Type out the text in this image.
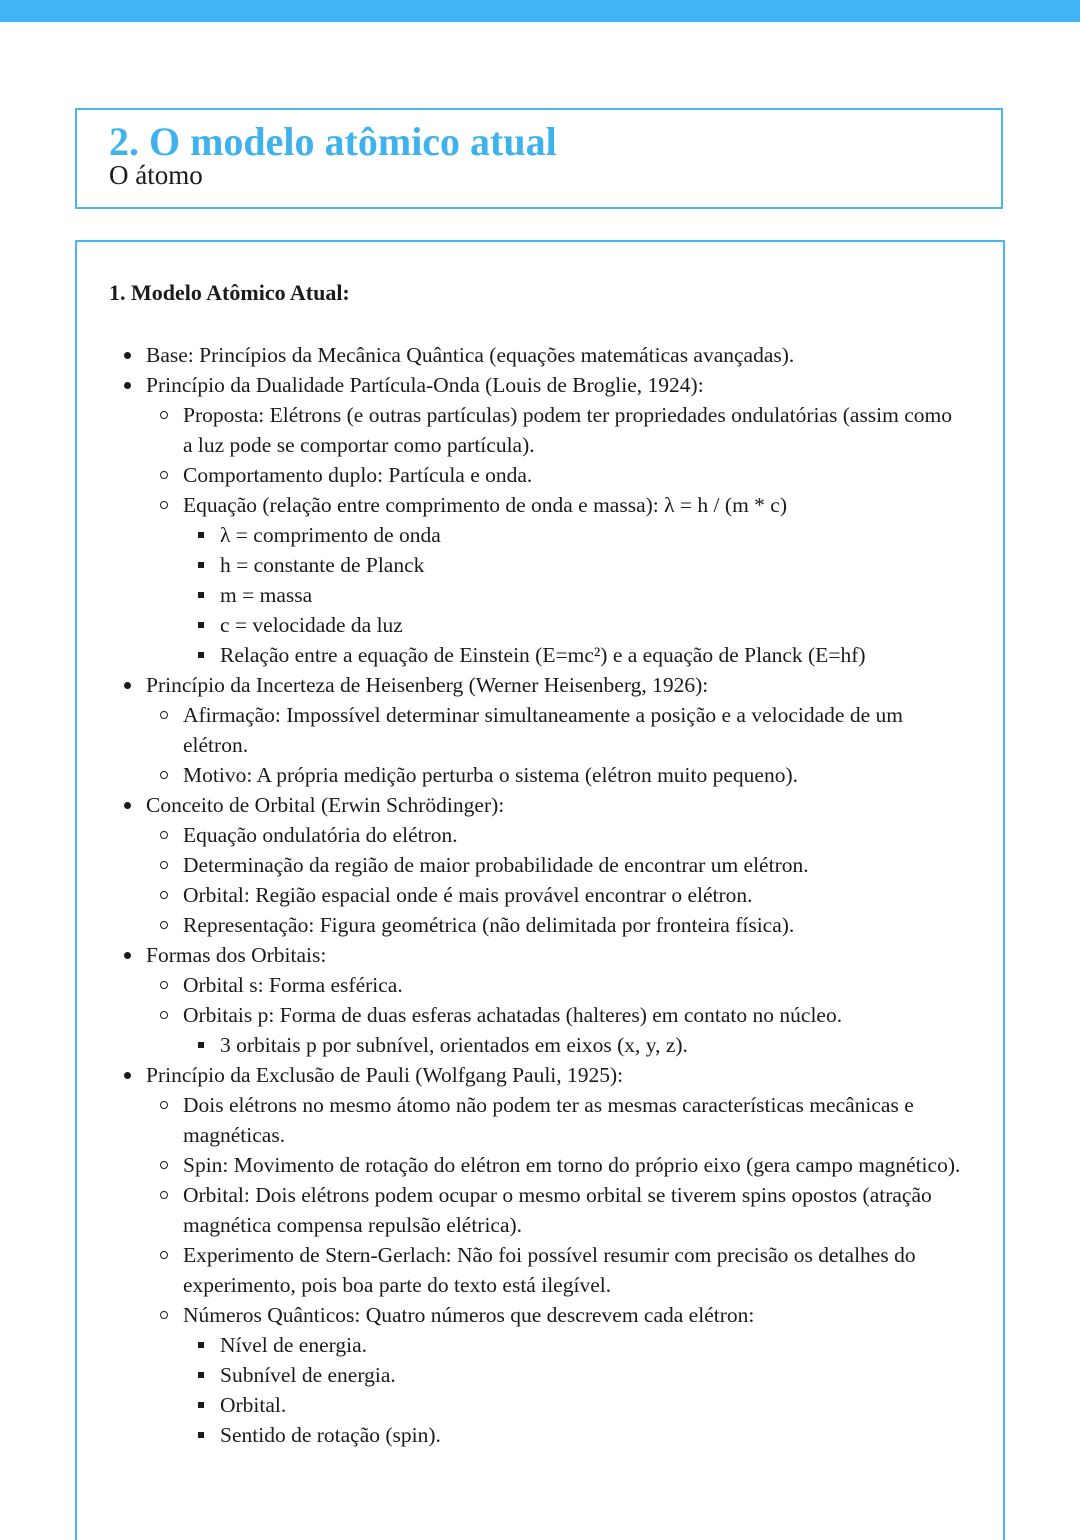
2. O modelo atômico atual
O átomo
1. Modelo Atômico Atual:
Base: Princípios da Mecânica Quântica (equações matemáticas avançadas).
Princípio da Dualidade Partícula-Onda (Louis de Broglie, 1924):
Proposta: Elétrons (e outras partículas) podem ter propriedades ondulatórias (assim como a luz pode se comportar como partícula).
Comportamento duplo: Partícula e onda.
Equação (relação entre comprimento de onda e massa): λ = h / (m * c)
λ = comprimento de onda
h = constante de Planck
m = massa
c = velocidade da luz
Relação entre a equação de Einstein (E=mc²) e a equação de Planck (E=hf)
Princípio da Incerteza de Heisenberg (Werner Heisenberg, 1926):
Afirmação: Impossível determinar simultaneamente a posição e a velocidade de um elétron.
Motivo: A própria medição perturba o sistema (elétron muito pequeno).
Conceito de Orbital (Erwin Schrödinger):
Equação ondulatória do elétron.
Determinação da região de maior probabilidade de encontrar um elétron.
Orbital: Região espacial onde é mais provável encontrar o elétron.
Representação: Figura geométrica (não delimitada por fronteira física).
Formas dos Orbitais:
Orbital s: Forma esférica.
Orbitais p: Forma de duas esferas achatadas (halteres) em contato no núcleo.
3 orbitais p por subnível, orientados em eixos (x, y, z).
Princípio da Exclusão de Pauli (Wolfgang Pauli, 1925):
Dois elétrons no mesmo átomo não podem ter as mesmas características mecânicas e magnéticas.
Spin: Movimento de rotação do elétron em torno do próprio eixo (gera campo magnético).
Orbital: Dois elétrons podem ocupar o mesmo orbital se tiverem spins opostos (atração magnética compensa repulsão elétrica).
Experimento de Stern-Gerlach: Não foi possível resumir com precisão os detalhes do experimento, pois boa parte do texto está ilegível.
Números Quânticos: Quatro números que descrevem cada elétron:
Nível de energia.
Subnível de energia.
Orbital.
Sentido de rotação (spin).
